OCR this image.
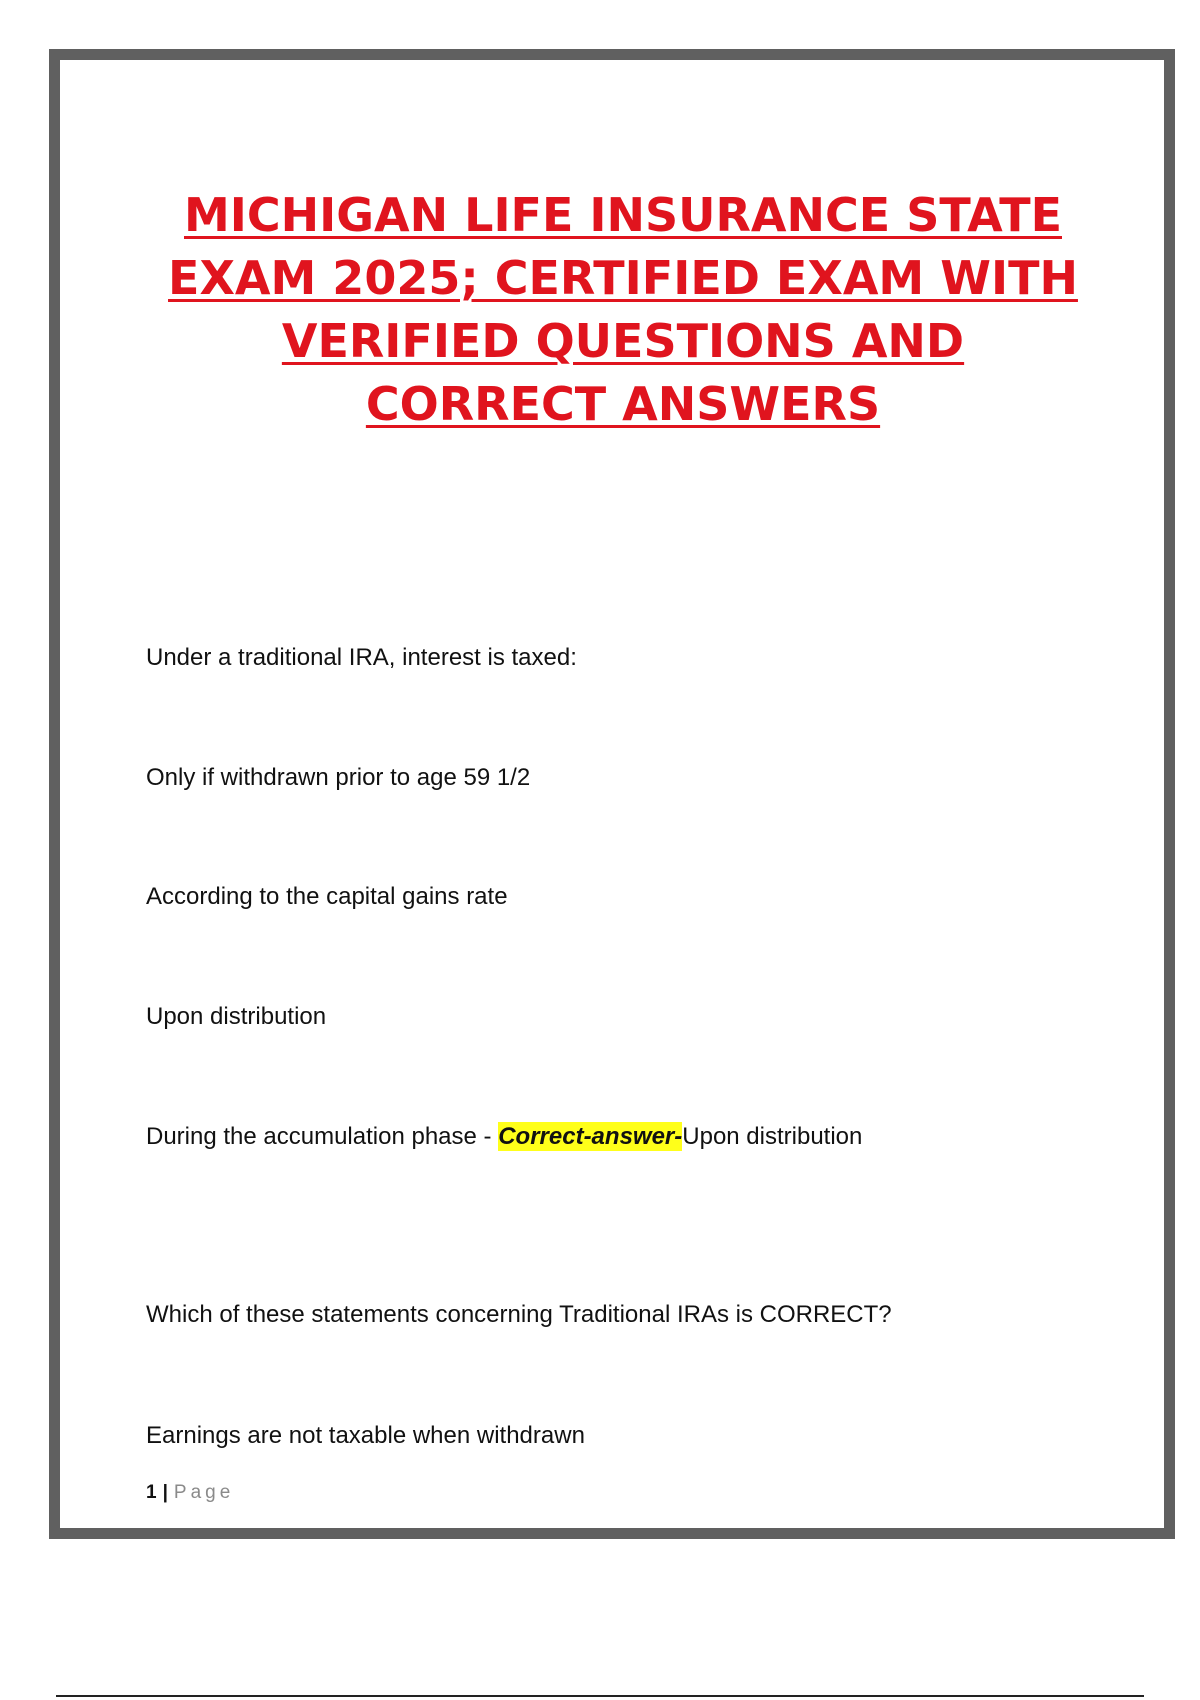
MICHIGAN LIFE INSURANCE STATE EXAM 2025; CERTIFIED EXAM WITH VERIFIED QUESTIONS AND CORRECT ANSWERS

Under a traditional IRA, interest is taxed:

Only if withdrawn prior to age 59 1/2

According to the capital gains rate

Upon distribution

During the accumulation phase - Correct-answer-Upon distribution

Which of these statements concerning Traditional IRAs is CORRECT?

Earnings are not taxable when withdrawn

1 | Page
